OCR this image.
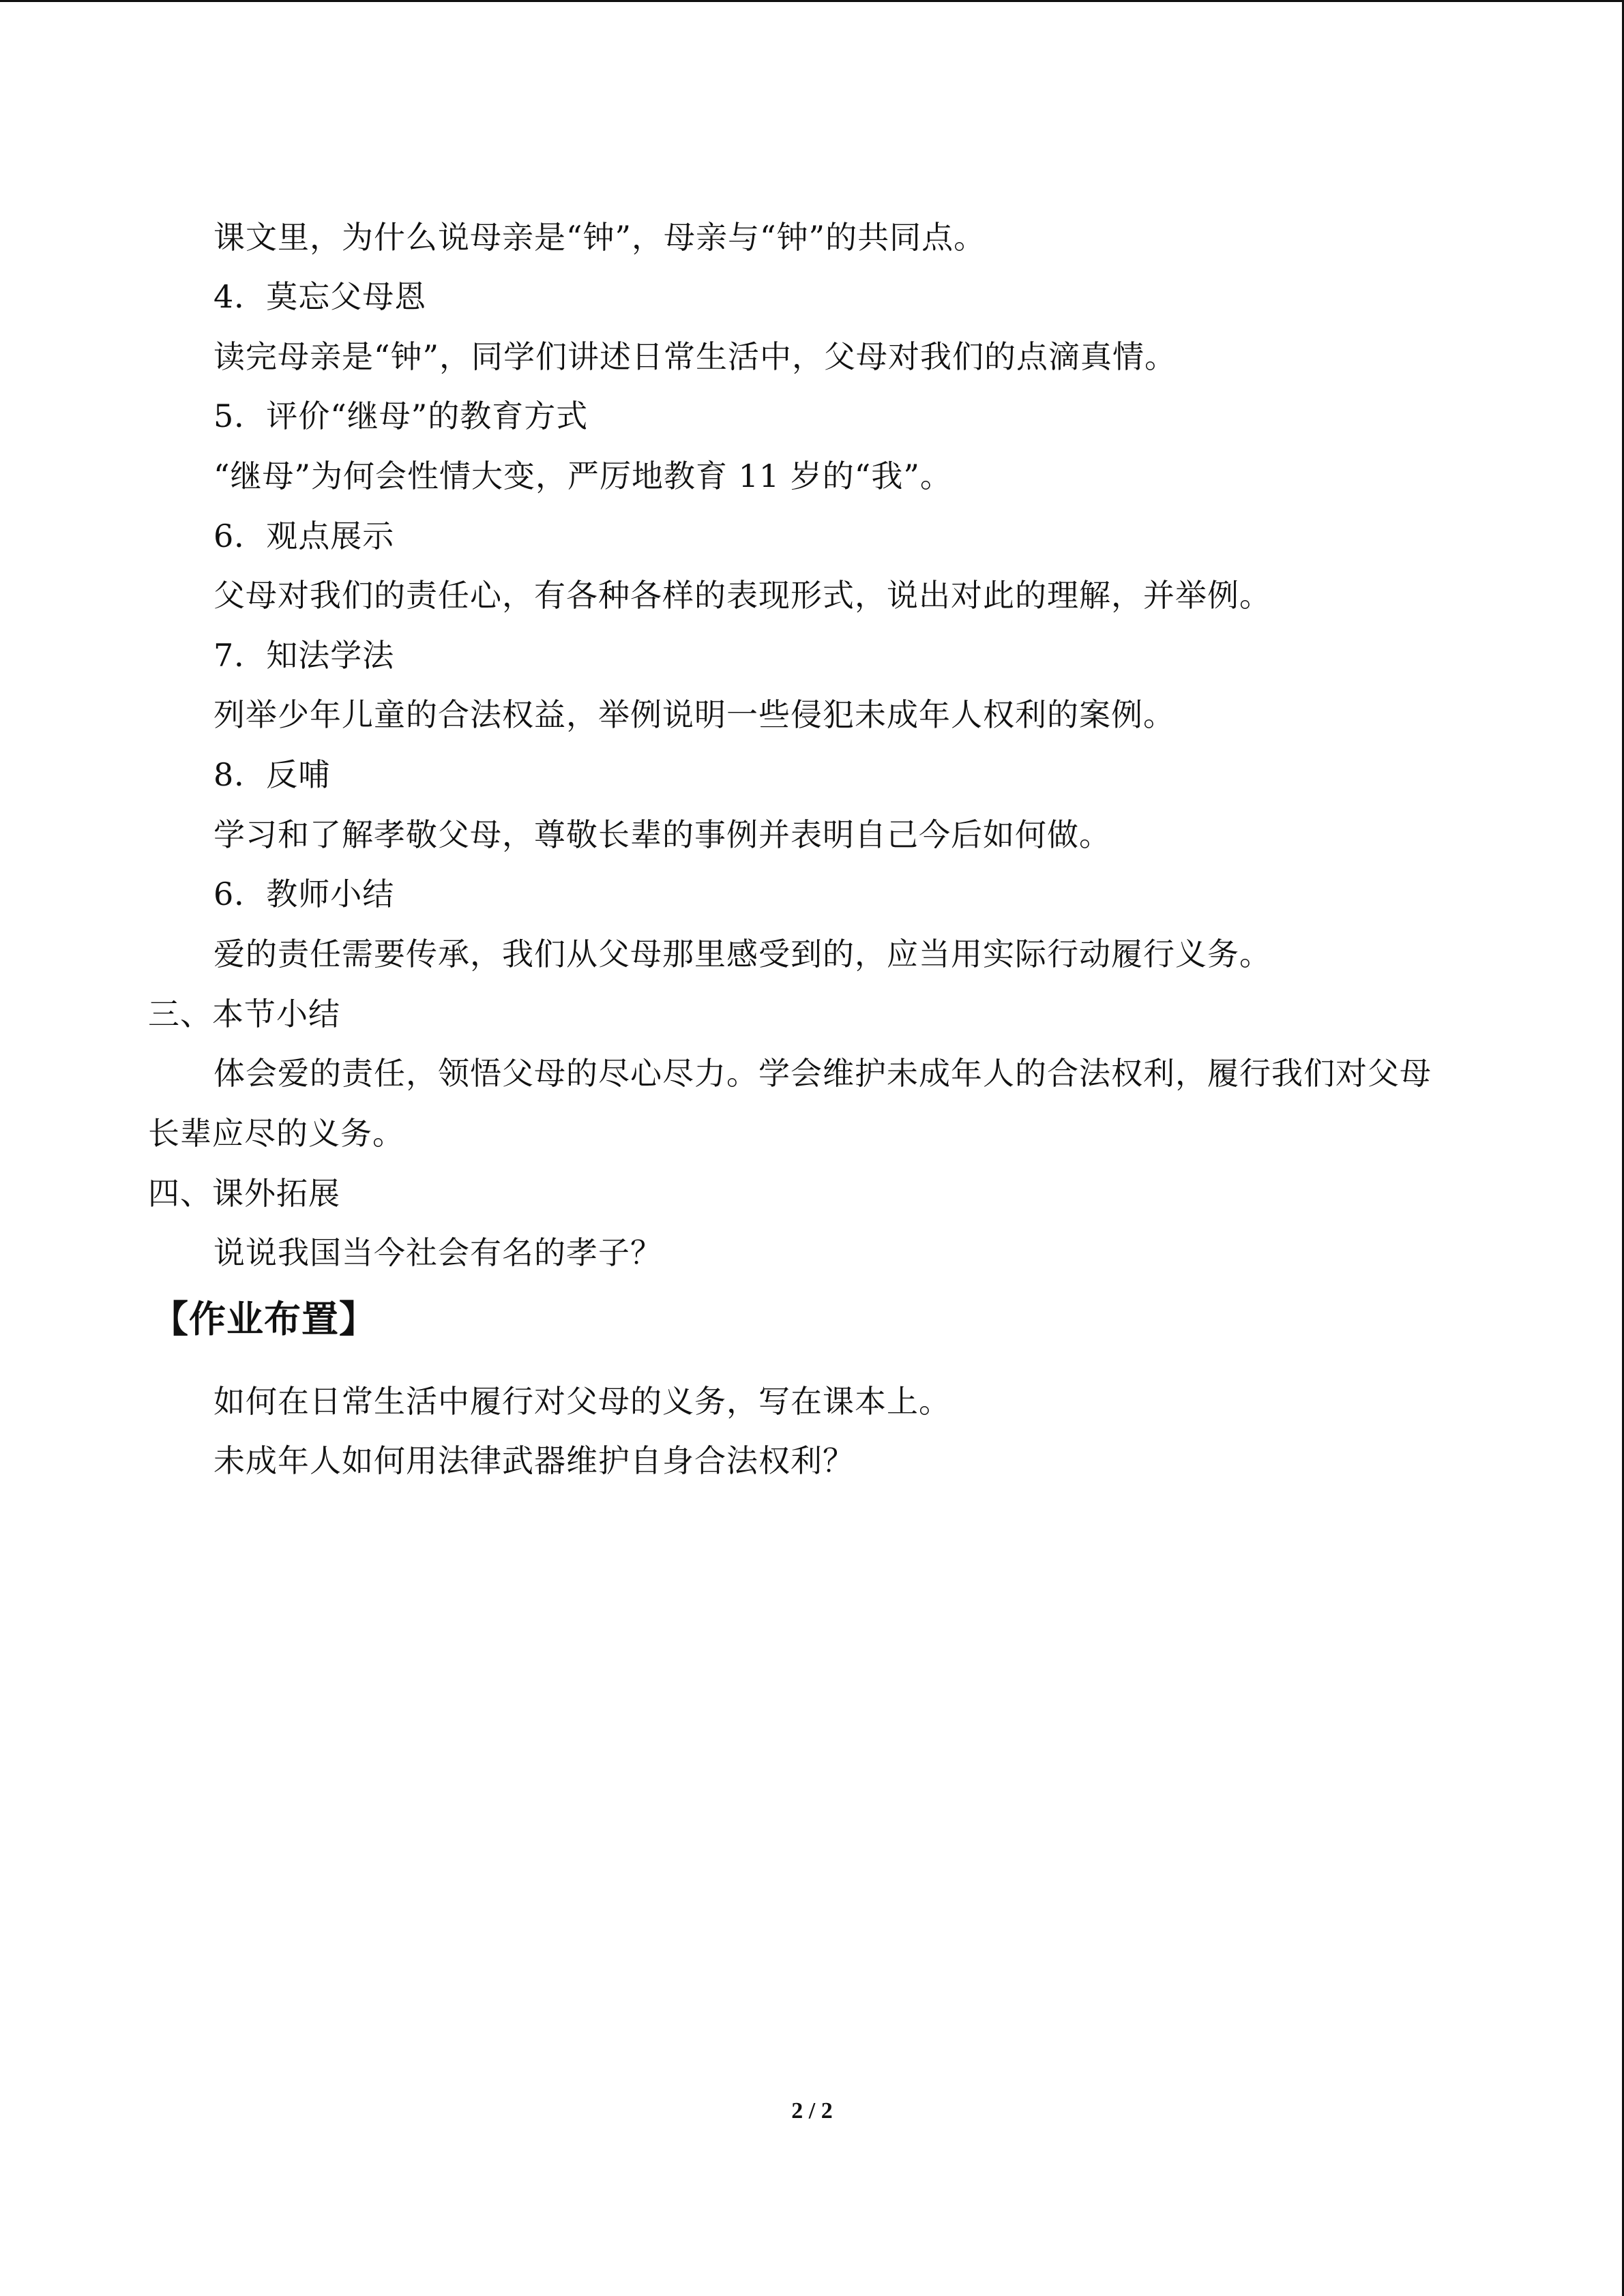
课文里，为什么说母亲是“钟”，母亲与“钟”的共同点。
4．莫忘父母恩
读完母亲是“钟”，同学们讲述日常生活中，父母对我们的点滴真情。
5．评价“继母”的教育方式
“继母”为何会性情大变，严厉地教育 11 岁的“我”。
6．观点展示
父母对我们的责任心，有各种各样的表现形式，说出对此的理解，并举例。
7．知法学法
列举少年儿童的合法权益，举例说明一些侵犯未成年人权利的案例。
8．反哺
学习和了解孝敬父母，尊敬长辈的事例并表明自己今后如何做。
6．教师小结
爱的责任需要传承，我们从父母那里感受到的，应当用实际行动履行义务。
三、本节小结
体会爱的责任，领悟父母的尽心尽力。学会维护未成年人的合法权利，履行我们对父母
长辈应尽的义务。
四、课外拓展
说说我国当今社会有名的孝子？
【作业布置】
如何在日常生活中履行对父母的义务，写在课本上。
未成年人如何用法律武器维护自身合法权利？
2 / 2
